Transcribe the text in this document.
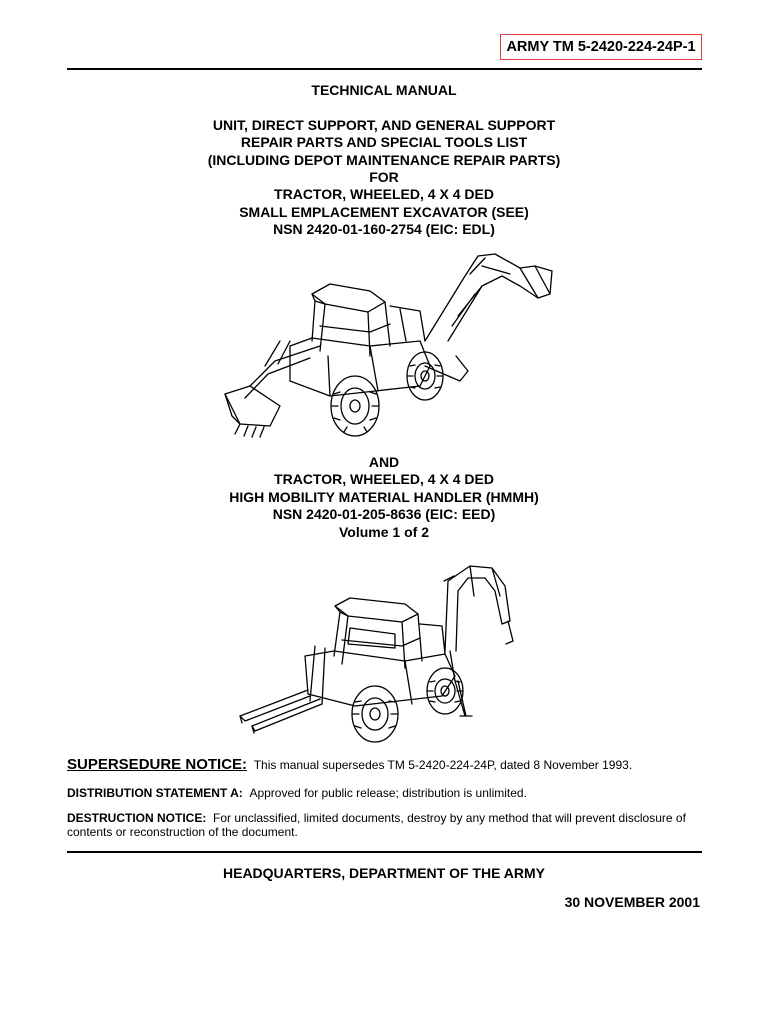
ARMY TM 5-2420-224-24P-1
TECHNICAL MANUAL
UNIT, DIRECT SUPPORT, AND GENERAL SUPPORT
REPAIR PARTS AND SPECIAL TOOLS LIST
(INCLUDING DEPOT MAINTENANCE REPAIR PARTS)
FOR
TRACTOR, WHEELED, 4 X 4 DED
SMALL EMPLACEMENT EXCAVATOR (SEE)
NSN 2420-01-160-2754 (EIC: EDL)
AND
TRACTOR, WHEELED, 4 X 4 DED
HIGH MOBILITY MATERIAL HANDLER (HMMH)
NSN 2420-01-205-8636 (EIC: EED)
Volume 1 of 2
SUPERSEDURE NOTICE: This manual supersedes TM 5-2420-224-24P, dated 8 November 1993.
DISTRIBUTION STATEMENT A: Approved for public release; distribution is unlimited.
DESTRUCTION NOTICE: For unclassified, limited documents, destroy by any method that will prevent disclosure of contents or reconstruction of the document.
HEADQUARTERS, DEPARTMENT OF THE ARMY
30 NOVEMBER 2001
